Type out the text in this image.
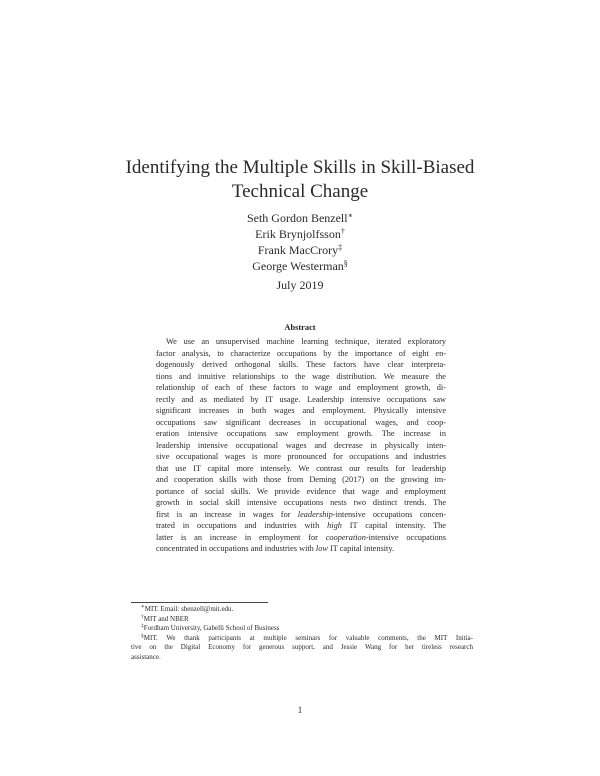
Identifying the Multiple Skills in Skill-Biased
Technical Change
Seth Gordon Benzell∗
Erik Brynjolfsson†
Frank MacCrory‡
George Westerman§
July 2019
Abstract
We use an unsupervised machine learning technique, iterated exploratory
factor analysis, to characterize occupations by the importance of eight en-
dogenously derived orthogonal skills. These factors have clear interpreta-
tions and intuitive relationships to the wage distribution. We measure the
relationship of each of these factors to wage and employment growth, di-
rectly and as mediated by IT usage. Leadership intensive occupations saw
significant increases in both wages and employment. Physically intensive
occupations saw significant decreases in occupational wages, and coop-
eration intensive occupations saw employment growth. The increase in
leadership intensive occupational wages and decrease in physically inten-
sive occupational wages is more pronounced for occupations and industries
that use IT capital more intensely. We contrast our results for leadership
and cooperation skills with those from Deming (2017) on the growing im-
portance of social skills. We provide evidence that wage and employment
growth in social skill intensive occupations nests two distinct trends. The
first is an increase in wages for leadership-intensive occupations concen-
trated in occupations and industries with high IT capital intensity. The
latter is an increase in employment for cooperation-intensive occupations
concentrated in occupations and industries with low IT capital intensity.
∗MIT. Email: sbenzell@mit.edu.
†MIT and NBER
‡Fordham University, Gabelli School of Business
§MIT. We thank participants at multiple seminars for valuable comments, the MIT Initia-
tive on the Digital Economy for generous support, and Jessie Wang for her tireless research
assistance.
1
